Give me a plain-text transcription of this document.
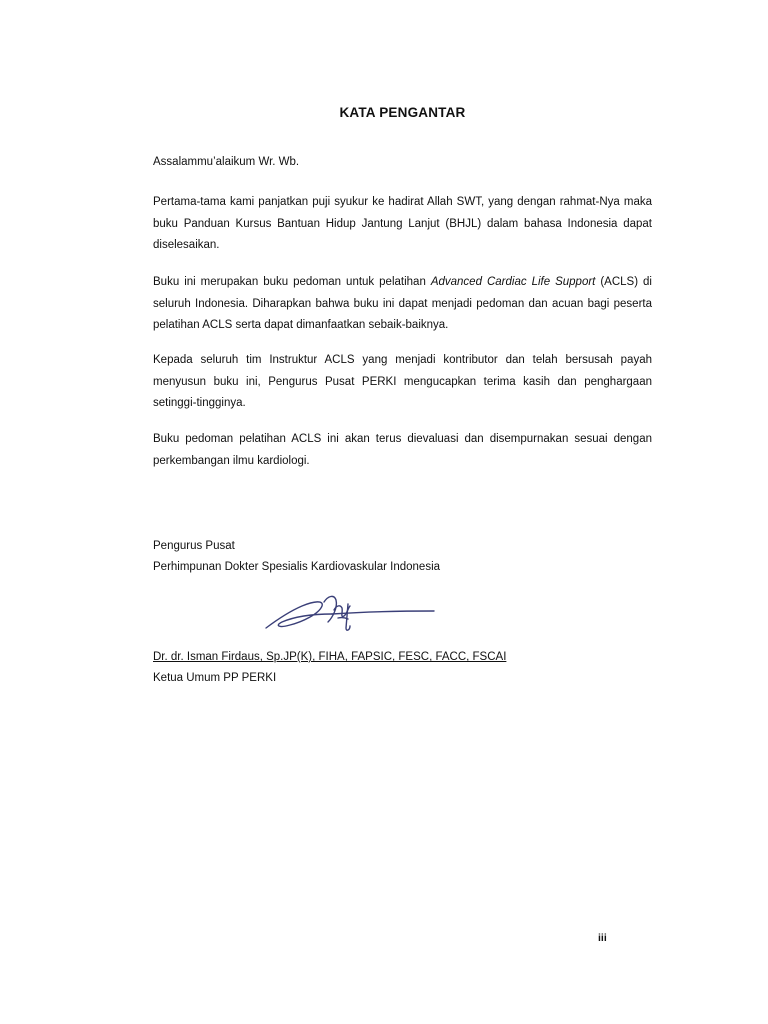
KATA PENGANTAR
Assalammu’alaikum Wr. Wb.
Pertama-tama kami panjatkan puji syukur ke hadirat Allah SWT, yang dengan rahmat-Nya maka buku Panduan Kursus Bantuan Hidup Jantung Lanjut (BHJL) dalam bahasa Indonesia dapat diselesaikan.
Buku ini merupakan buku pedoman untuk pelatihan Advanced Cardiac Life Support (ACLS) di seluruh Indonesia. Diharapkan bahwa buku ini dapat menjadi pedoman dan acuan bagi peserta pelatihan ACLS serta dapat dimanfaatkan sebaik-baiknya.
Kepada seluruh tim Instruktur ACLS yang menjadi kontributor dan telah bersusah payah menyusun buku ini, Pengurus Pusat PERKI mengucapkan terima kasih dan penghargaan setinggi-tingginya.
Buku pedoman pelatihan ACLS ini akan terus dievaluasi dan disempurnakan sesuai dengan perkembangan ilmu kardiologi.
Pengurus Pusat
Perhimpunan Dokter Spesialis Kardiovaskular Indonesia
Dr. dr. Isman Firdaus, Sp.JP(K), FIHA, FAPSIC, FESC, FACC, FSCAI
Ketua Umum PP PERKI
iii
